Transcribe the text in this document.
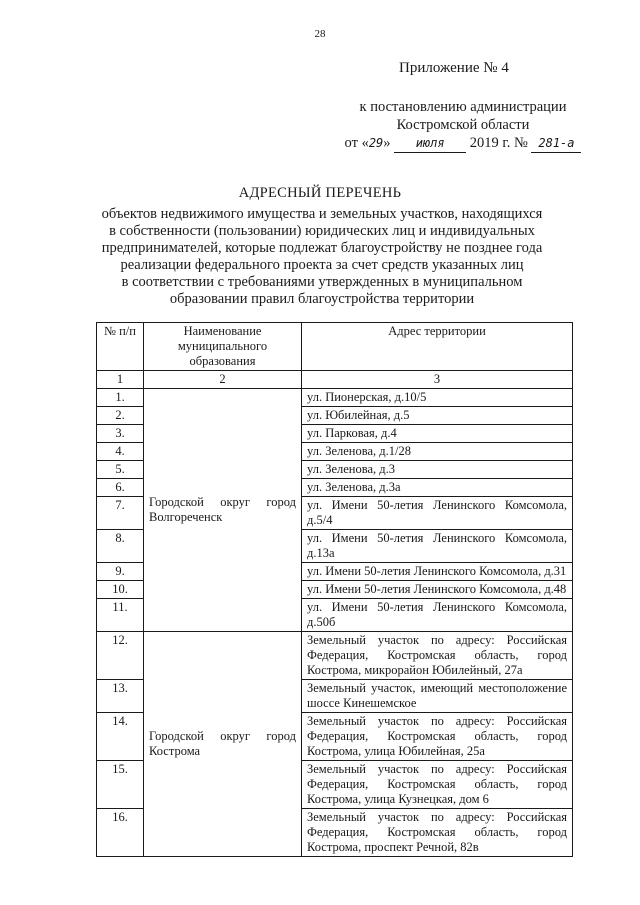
28
Приложение № 4
к постановлению администрации
Костромской области
от «29» июля 2019 г. № 281-а
АДРЕСНЫЙ ПЕРЕЧЕНЬ
объектов недвижимого имущества и земельных участков, находящихся
в собственности (пользовании) юридических лиц и индивидуальных
предпринимателей, которые подлежат благоустройству не позднее года
реализации федерального проекта за счет средств указанных лиц
в соответствии с требованиями утвержденных в муниципальном
образовании правил благоустройства территории
№ п/п	Наименование муниципального образования	Адрес территории
1	2	3
1.	Городской округ город Волгореченск	ул. Пионерская, д.10/5
2.		ул. Юбилейная, д.5
3.		ул. Парковая, д.4
4.		ул. Зеленова, д.1/28
5.		ул. Зеленова, д.3
6.		ул. Зеленова, д.3а
7.		ул. Имени 50-летия Ленинского Комсомола, д.5/4
8.		ул. Имени 50-летия Ленинского Комсомола, д.13а
9.		ул. Имени 50-летия Ленинского Комсомола, д.31
10.		ул. Имени 50-летия Ленинского Комсомола, д.48
11.		ул. Имени 50-летия Ленинского Комсомола, д.50б
12.	Городской округ город Кострома	Земельный участок по адресу: Российская Федерация, Костромская область, город Кострома, микрорайон Юбилейный, 27а
13.		Земельный участок, имеющий местоположение шоссе Кинешемское
14.		Земельный участок по адресу: Российская Федерация, Костромская область, город Кострома, улица Юбилейная, 25а
15.		Земельный участок по адресу: Российская Федерация, Костромская область, город Кострома, улица Кузнецкая, дом 6
16.		Земельный участок по адресу: Российская Федерация, Костромская область, город Кострома, проспект Речной, 82в
